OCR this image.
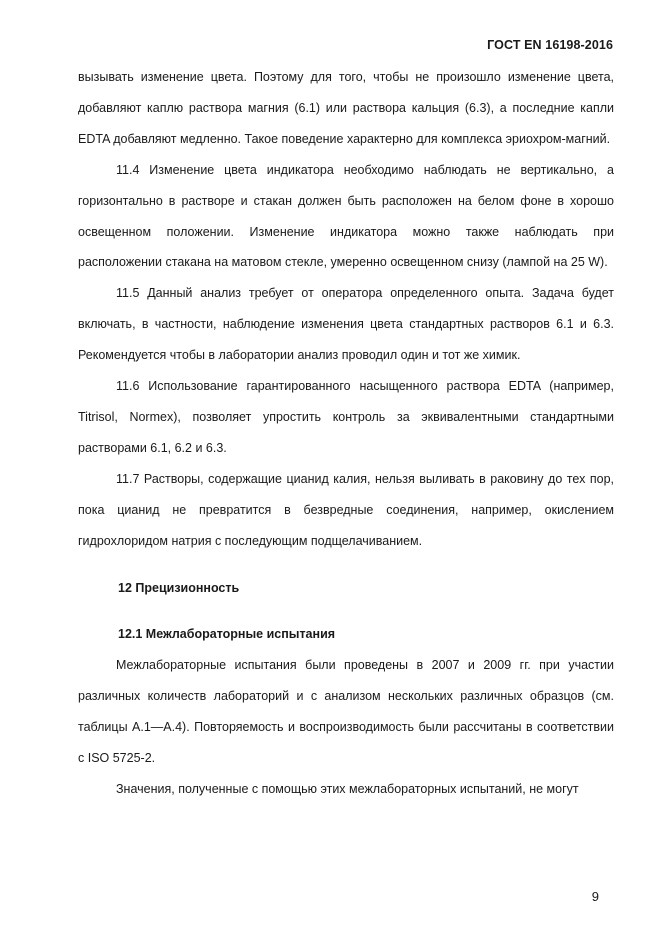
ГОСТ EN 16198-2016

вызывать изменение цвета. Поэтому для того, чтобы не произошло изменение цвета, добавляют каплю раствора магния (6.1) или раствора кальция (6.3), а последние капли EDTA добавляют медленно. Такое поведение характерно для комплекса эриохром-магний.

11.4 Изменение цвета индикатора необходимо наблюдать не вертикально, а горизонтально в растворе и стакан должен быть расположен на белом фоне в хорошо освещенном положении. Изменение индикатора можно также наблюдать при расположении стакана на матовом стекле, умеренно освещенном снизу (лампой на 25 W).

11.5 Данный анализ требует от оператора определенного опыта. Задача будет включать, в частности, наблюдение изменения цвета стандартных растворов 6.1 и 6.3. Рекомендуется чтобы в лаборатории анализ проводил один и тот же химик.

11.6 Использование гарантированного насыщенного раствора EDTA (например, Titrisol, Normex), позволяет упростить контроль за эквивалентными стандартными растворами 6.1, 6.2 и 6.3.

11.7 Растворы, содержащие цианид калия, нельзя выливать в раковину до тех пор, пока цианид не превратится в безвредные соединения, например, окислением гидрохлоридом натрия с последующим подщелачиванием.

12 Прецизионность

12.1 Межлабораторные испытания

Межлабораторные испытания были проведены в 2007 и 2009 гг. при участии различных количеств лабораторий и с анализом нескольких различных образцов (см. таблицы А.1—А.4). Повторяемость и воспроизводимость были рассчитаны в соответствии с ISO 5725-2.

Значения, полученные с помощью этих межлабораторных испытаний, не могут

9
